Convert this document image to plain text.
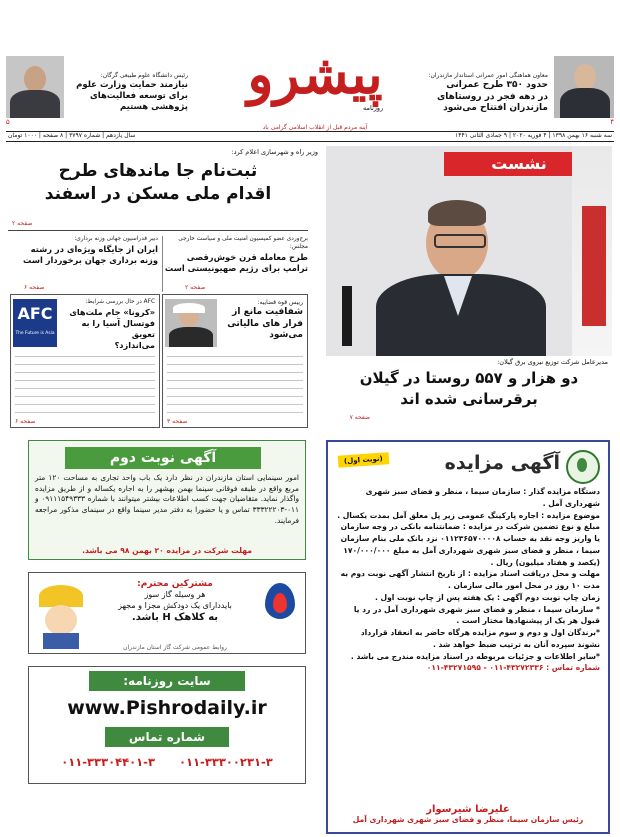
معاون هماهنگی امور عمرانی استاندار مازندران:
حدود ۳۵۰ طرح عمرانی
در دهه فجر در روستاهای
مازندران افتتاح می‌شود
۴
پیشرو
روزنامه
آینه مردم قبل از انقلاب اسلامی گرامی باد
رئیس دانشگاه علوم طبیعی گرگان:
نیازمند حمایت وزارت علوم
برای توسعه فعالیت‌های
پژوهشی هستیم
۵
سه شنبه ۱۶ بهمن ۱۳۹۸ | ۴ فوریه ۲۰۲۰ | ۹ جمادی الثانی ۱۴۴۱
سال یازدهم | شماره ۳۷۹۷ | ۸ صفحه | ۱۰۰۰ تومان
نشست
مدیرعامل شرکت توزیع نیروی برق گیلان:
دو هزار و ۵۵۷ روستا در گیلان
برقرسانی شده اند
صفحه ۷
وزیر راه و شهرسازی اعلام کرد:
ثبت‌نام جا ماندهای طرح
اقدام ملی مسکن در اسفند
صفحه ۲
برج‌وردی عضو کمیسیون امنیت ملی و سیاست خارجی مجلس:
طرح معامله قرن خوش‌رقصی
ترامپ برای رژیم صهیونیستی است
صفحه ۲
دبیر فدراسیون جهانی وزنه برداری:
ایران از جایگاه ویژه‌ای در رشته
وزنه برداری جهان برخوردار است
صفحه ۶
رییس قوه قضاییه:
شفافیت مانع از
فرار های مالیاتی
می‌شود
صفحه ۳
AFC
The Future is Asia
AFC در حال بررسی شرایط:
«کرونا» جام ملت‌های
فوتسال آسیا را به تعویق
می‌اندازد؟
صفحه ۶
آگهی مزایده
(نوبت اول)
دستگاه مزایده گذار : سازمان سیما ، منظر و فضای سبز شهری شهرداری آمل .
موضوع مزایده : اجاره پارکینگ عمومی زیر پل معلق آمل بمدت یکسال .
مبلغ و نوع تضمین شرکت در مزایده : ضمانتنامه بانکی در وجه سازمان یا واریز وجه نقد به حساب ۰۱۱۲۳۶۵۷۰۰۰۰۸ نزد بانک ملی بنام سازمان سیما ، منظر و فضای سبز شهری شهرداری آمل به مبلغ ۱۷۰/۰۰۰/۰۰۰ (یکصد و هفتاد میلیون) ریال .
مهلت و محل دریافت اسناد مزایده : از تاریخ انتشار آگهی نوبت دوم به مدت ۱۰ روز در محل امور مالی سازمان .
زمان چاپ نوبت دوم آگهی : یک هفته پس از چاپ نوبت اول .
* سازمان سیما ، منظر و فضای سبز شهری شهرداری آمل در رد یا قبول هر یک از پیشنهادها مختار است .
*برندگان اول و دوم و سوم مزایده هرگاه حاضر به انعقاد قرارداد نشوند سپرده آنان به ترتیب ضبط خواهد شد .
*سایر اطلاعات و جزئیات مربوطه در اسناد مزایده مندرج می باشد .
شماره تماس : ۴۳۲۷۲۳۳۶-۰۱۱ - ۴۳۲۷۱۵۹۵-۰۱۱
علیرضا شیرسوار
رئیس سازمان سیما، منظر و فضای سبز شهری شهرداری آمل
آگهی نوبت دوم
امور سینمایی استان مازندران در نظر دارد یک باب واحد تجاری به مساحت ۱۲۰ متر مربع واقع در طبقه فوقانی سینما بهمن بهشهر را به اجاره یکساله و از طریق مزایده واگذار نماید. متقاضیان جهت کسب اطلاعات بیشتر میتوانند با شماره ۰۹۱۱۱۵۴۹۳۳۳ و ۰۱۱-۳۳۳۲۲۲۰۳ تماس و یا حضورا به دفتر مدیر سینما واقع در سینمای مذکور مراجعه فرمایند.
مهلت شرکت در مزایده ۲۰ بهمن ۹۸ می باشد.
مشترکین محترم:
هر وسیله گاز سوز
بایددارای یک دودکش مجزا و مجهز
به کلاهک H باشد.
روابط عمومی شرکت گاز استان مازندران
سایت روزنامه:
www.Pishrodaily.ir
شماره تماس
۰۱۱-۳۳۳۰۴۴۰۱-۳      ۰۱۱-۳۳۳۰۰۲۳۱-۳
